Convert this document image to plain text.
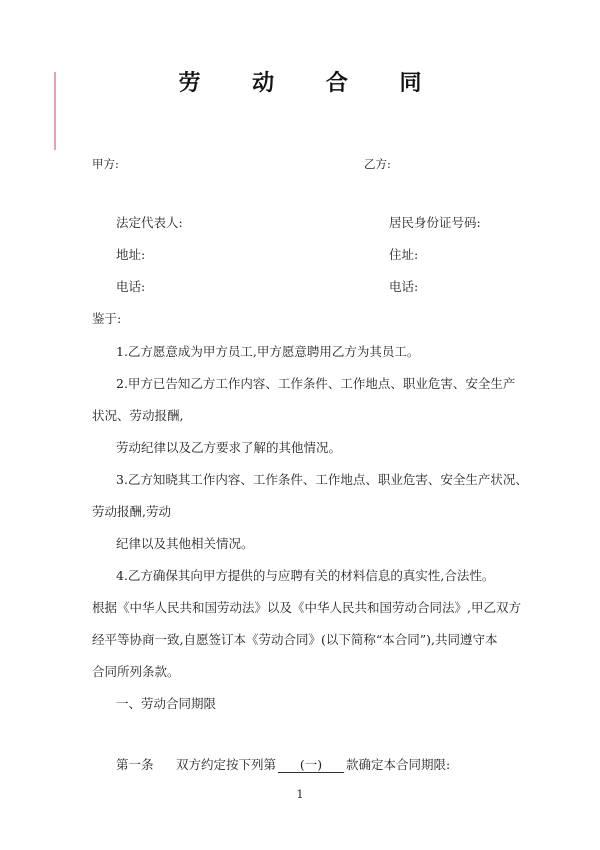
劳 动 合 同
甲方:	乙方:
法定代表人:	居民身份证号码:
地址:	住址:
电话:	电话:
鉴于:
1.乙方愿意成为甲方员工,甲方愿意聘用乙方为其员工。
2.甲方已告知乙方工作内容、工作条件、工作地点、职业危害、安全生产
状况、劳动报酬,
劳动纪律以及乙方要求了解的其他情况。
3.乙方知晓其工作内容、工作条件、工作地点、职业危害、安全生产状况、
劳动报酬,劳动
纪律以及其他相关情况。
4.乙方确保其向甲方提供的与应聘有关的材料信息的真实性,合法性。
根据《中华人民共和国劳动法》以及《中华人民共和国劳动合同法》,甲乙双方
经平等协商一致,自愿签订本《劳动合同》(以下简称“本合同”),共同遵守本
合同所列条款。
一、劳动合同期限
第一条 双方约定按下列第 (一) 款确定本合同期限:
1
